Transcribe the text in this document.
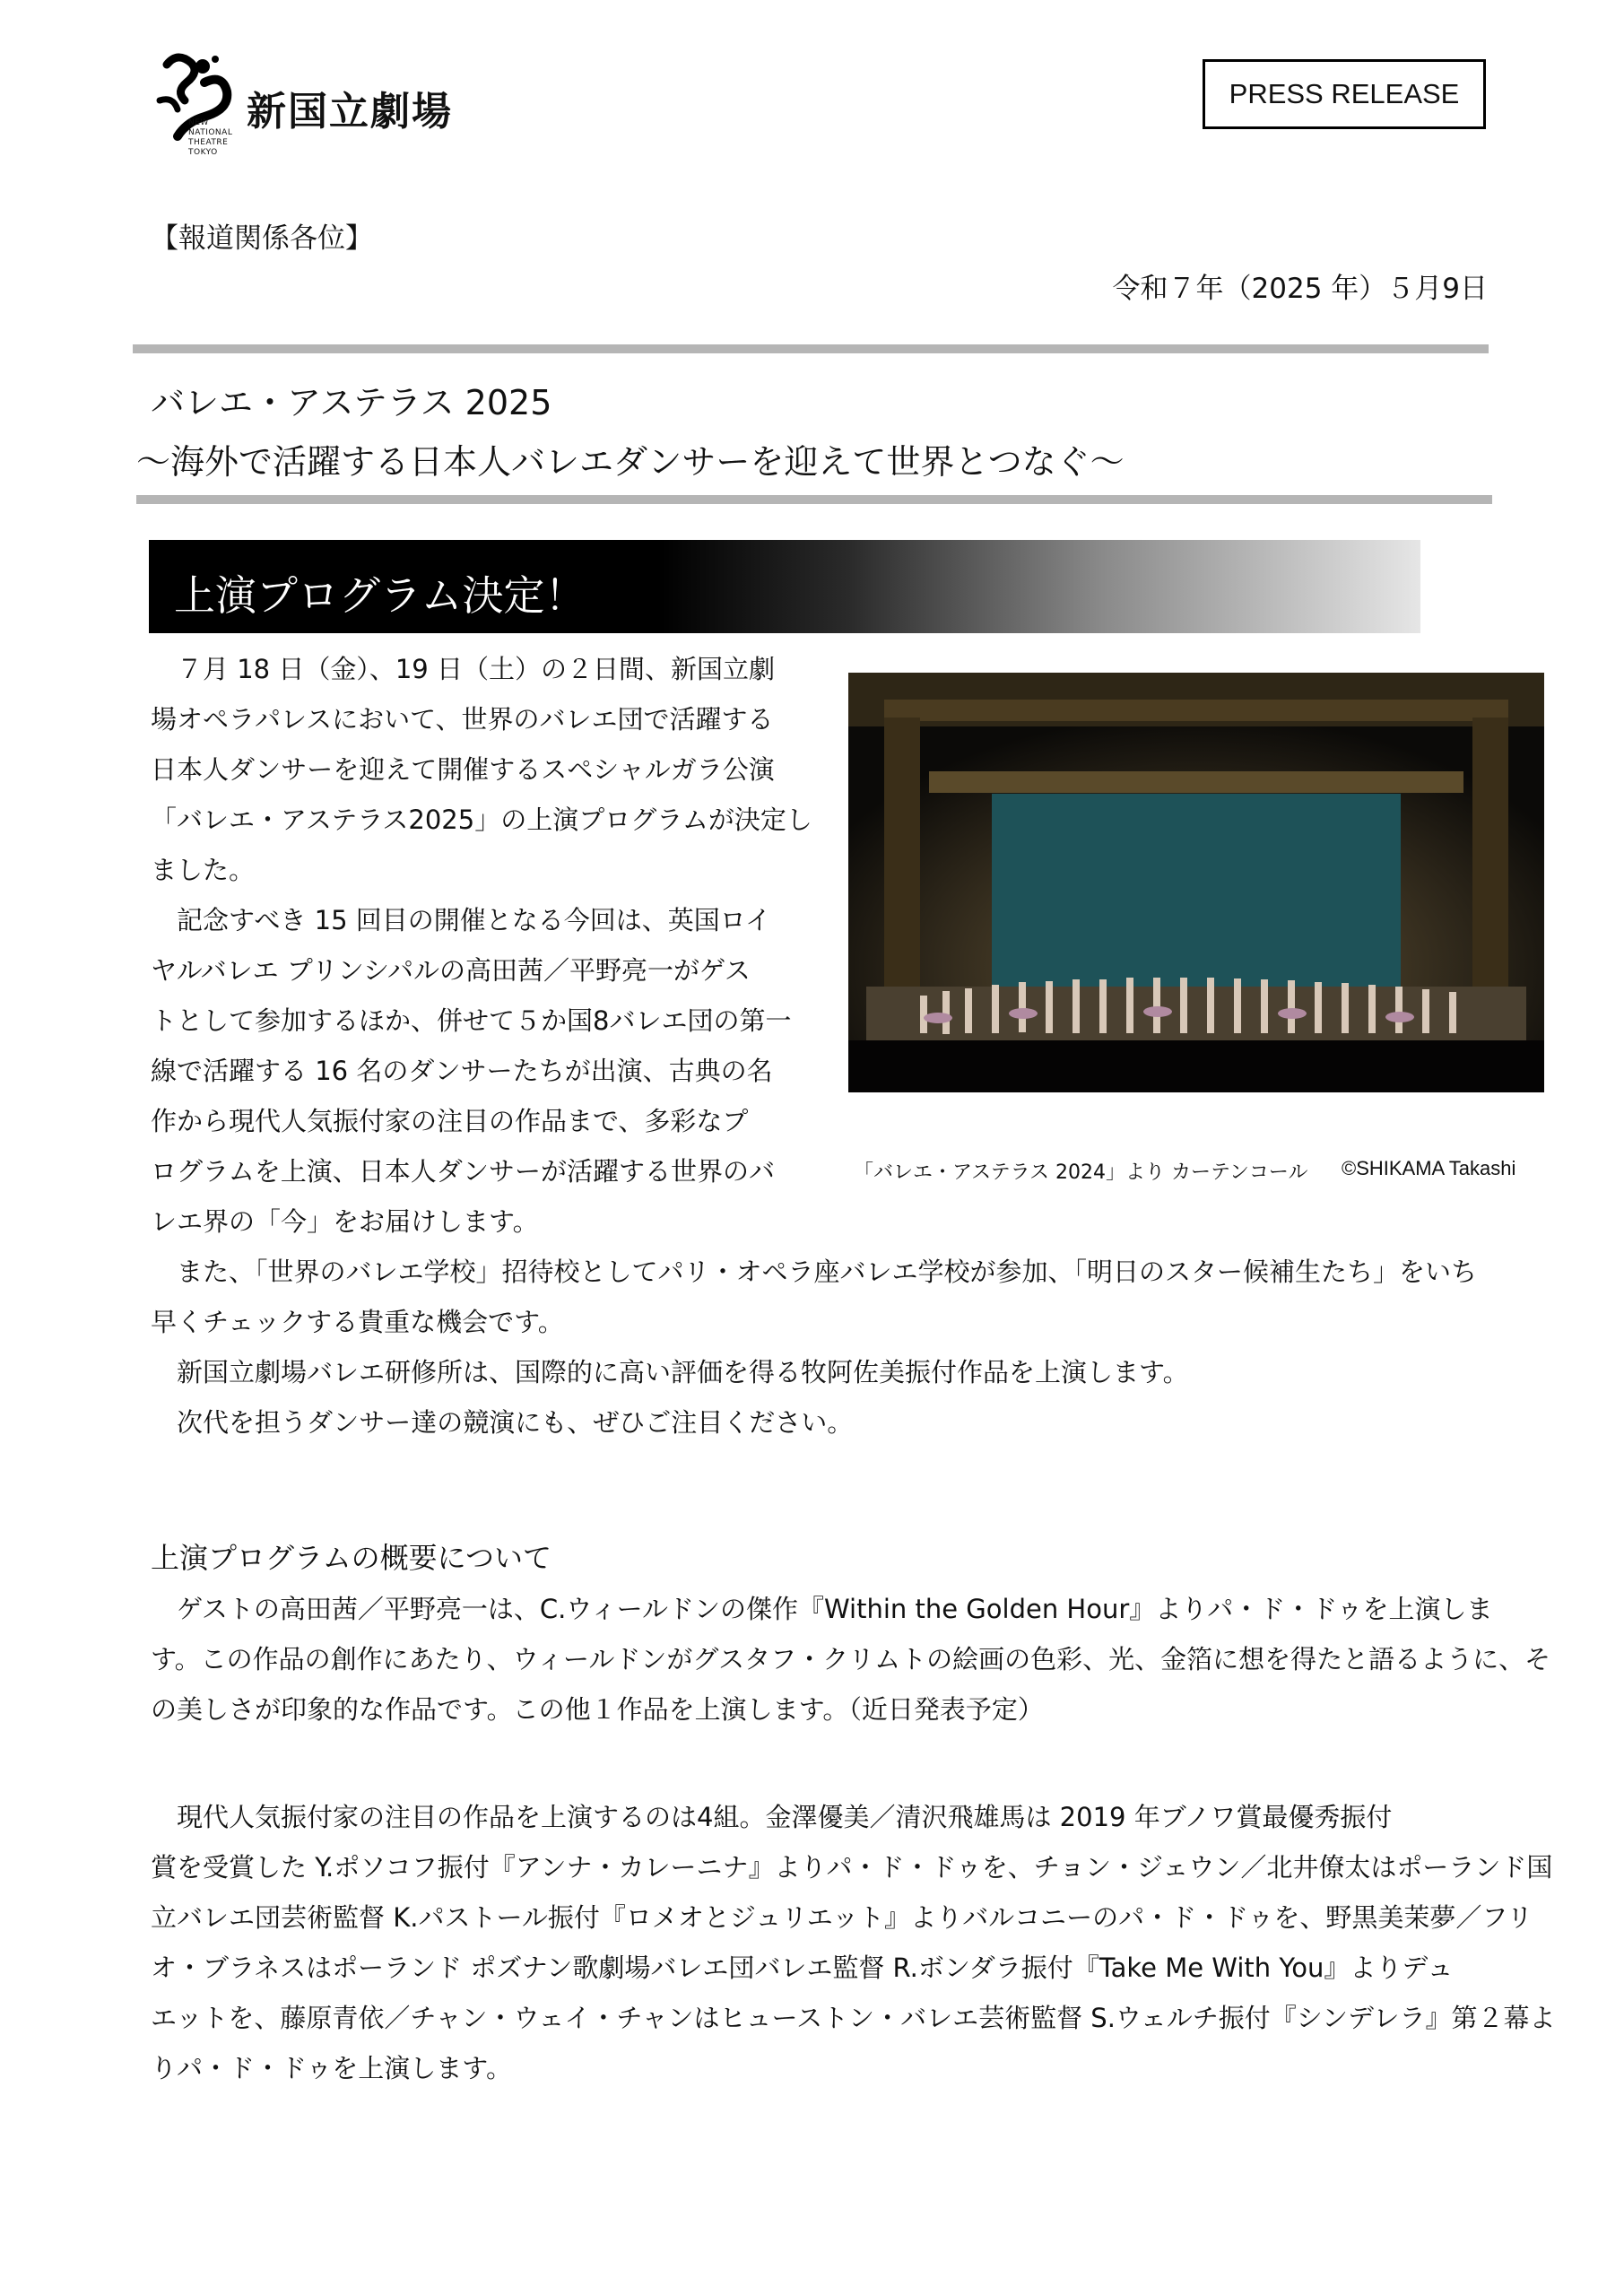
新国立劇場
NEW
NATIONAL
THEATRE
TOKYO
PRESS RELEASE
【報道関係各位】
令和７年（2025 年）５月9日
バレエ・アステラス 2025
～海外で活躍する日本人バレエダンサーを迎えて世界とつなぐ～
上演プログラム決定！

７月 18 日（金）、19 日（土）の２日間、新国立劇

場オペラパレスにおいて、世界のバレエ団で活躍する

日本人ダンサーを迎えて開催するスペシャルガラ公演

「バレエ・アステラス2025」の上演プログラムが決定し

ました。

記念すべき 15 回目の開催となる今回は、英国ロイ

ヤルバレエ プリンシパルの高田茜／平野亮一がゲス

トとして参加するほか、併せて５か国8バレエ団の第一

線で活躍する 16 名のダンサーたちが出演、古典の名

作から現代人気振付家の注目の作品まで、多彩なプ

ログラムを上演、日本人ダンサーが活躍する世界のバ

レエ界の「今」をお届けします。

「バレエ・アステラス 2024」より カーテンコール ©SHIKAMA Takashi

また、「世界のバレエ学校」招待校としてパリ・オペラ座バレエ学校が参加、「明日のスター候補生たち」をいち

早くチェックする貴重な機会です。

新国立劇場バレエ研修所は、国際的に高い評価を得る牧阿佐美振付作品を上演します。

次代を担うダンサー達の競演にも、ぜひご注目ください。

上演プログラムの概要について

ゲストの高田茜／平野亮一は、C.ウィールドンの傑作『Within the Golden Hour』よりパ・ド・ドゥを上演しま

す。この作品の創作にあたり、ウィールドンがグスタフ・クリムトの絵画の色彩、光、金箔に想を得たと語るように、そ

の美しさが印象的な作品です。この他１作品を上演します。（近日発表予定）

現代人気振付家の注目の作品を上演するのは4組。金澤優美／清沢飛雄馬は 2019 年ブノワ賞最優秀振付

賞を受賞した Y.ポソコフ振付『アンナ・カレーニナ』よりパ・ド・ドゥを、チョン・ジェウン／北井僚太はポーランド国

立バレエ団芸術監督 K.パストール振付『ロメオとジュリエット』よりバルコニーのパ・ド・ドゥを、野黒美茉夢／フリ

オ・ブラネスはポーランド ポズナン歌劇場バレエ団バレエ監督 R.ボンダラ振付『Take Me With You』よりデュ

エットを、藤原青依／チャン・ウェイ・チャンはヒューストン・バレエ芸術監督 S.ウェルチ振付『シンデレラ』第２幕よ

りパ・ド・ドゥを上演します。
